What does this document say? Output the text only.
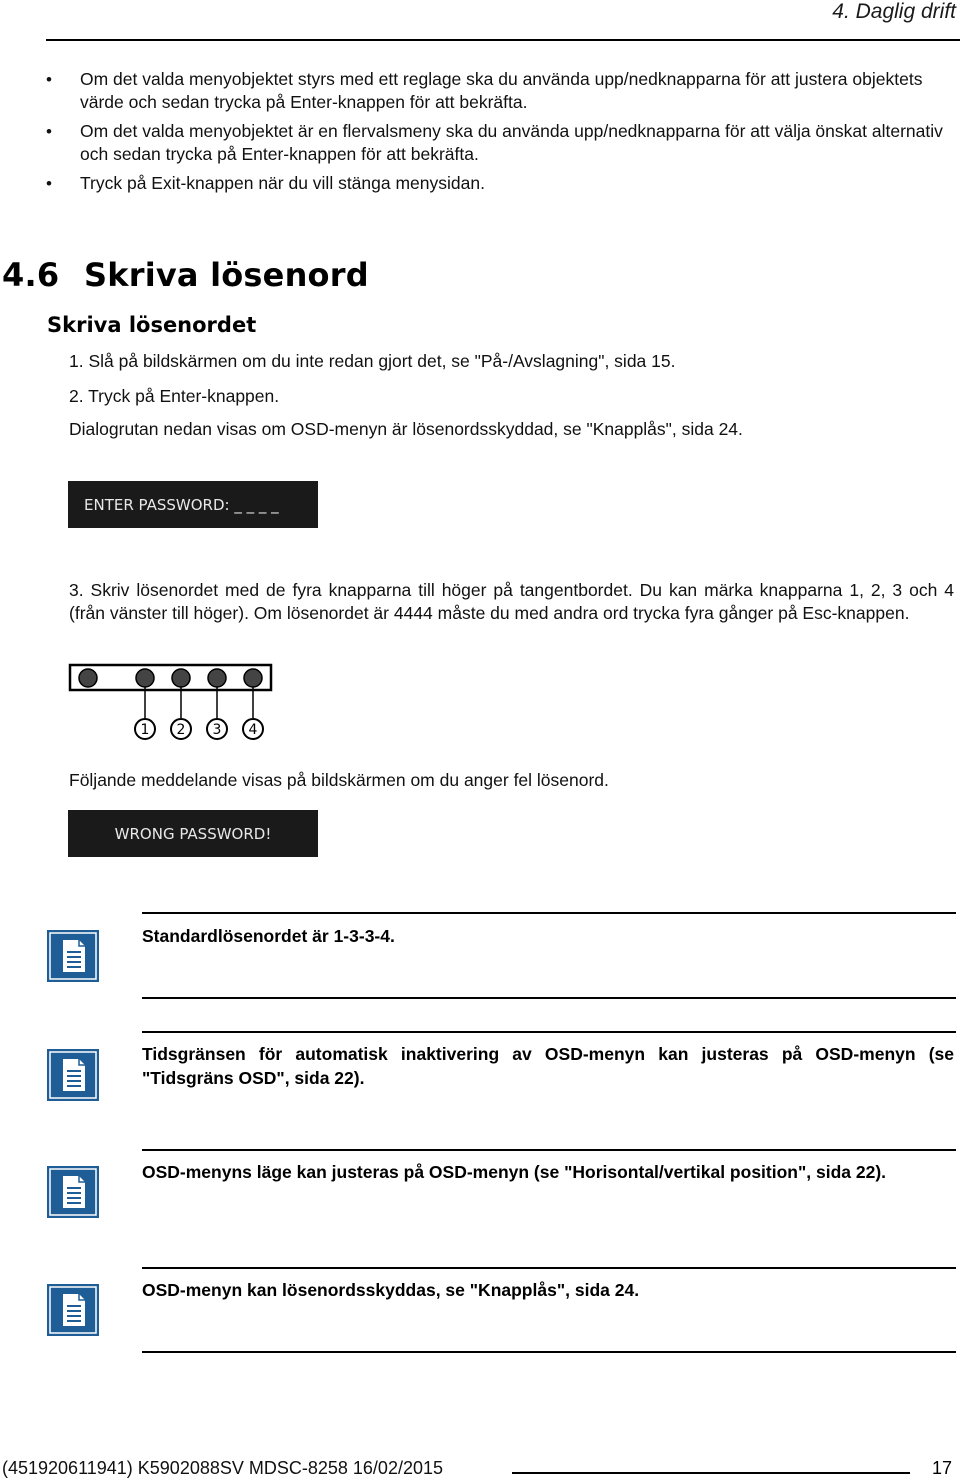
4. Daglig drift
• Om det valda menyobjektet styrs med ett reglage ska du använda upp/nedknapparna för att justera objektets värde och sedan trycka på Enter-knappen för att bekräfta.
• Om det valda menyobjektet är en flervalsmeny ska du använda upp/nedknapparna för att välja önskat alternativ och sedan trycka på Enter-knappen för att bekräfta.
• Tryck på Exit-knappen när du vill stänga menysidan.
4.6 Skriva lösenord
Skriva lösenordet
1. Slå på bildskärmen om du inte redan gjort det, se "På-/Avslagning", sida 15.
2. Tryck på Enter-knappen.
Dialogrutan nedan visas om OSD-menyn är lösenordsskyddad, se "Knapplås", sida 24.
ENTER PASSWORD: _ _ _ _
3. Skriv lösenordet med de fyra knapparna till höger på tangentbordet. Du kan märka knapparna 1, 2, 3 och 4 (från vänster till höger). Om lösenordet är 4444 måste du med andra ord trycka fyra gånger på Esc-knappen.
1 2 3 4
Följande meddelande visas på bildskärmen om du anger fel lösenord.
WRONG PASSWORD!
Standardlösenordet är 1-3-3-4.
Tidsgränsen för automatisk inaktivering av OSD-menyn kan justeras på OSD-menyn (se "Tidsgräns OSD", sida 22).
OSD-menyns läge kan justeras på OSD-menyn (se "Horisontal/vertikal position", sida 22).
OSD-menyn kan lösenordsskyddas, se "Knapplås", sida 24.
(451920611941) K5902088SV MDSC-8258 16/02/2015	17
